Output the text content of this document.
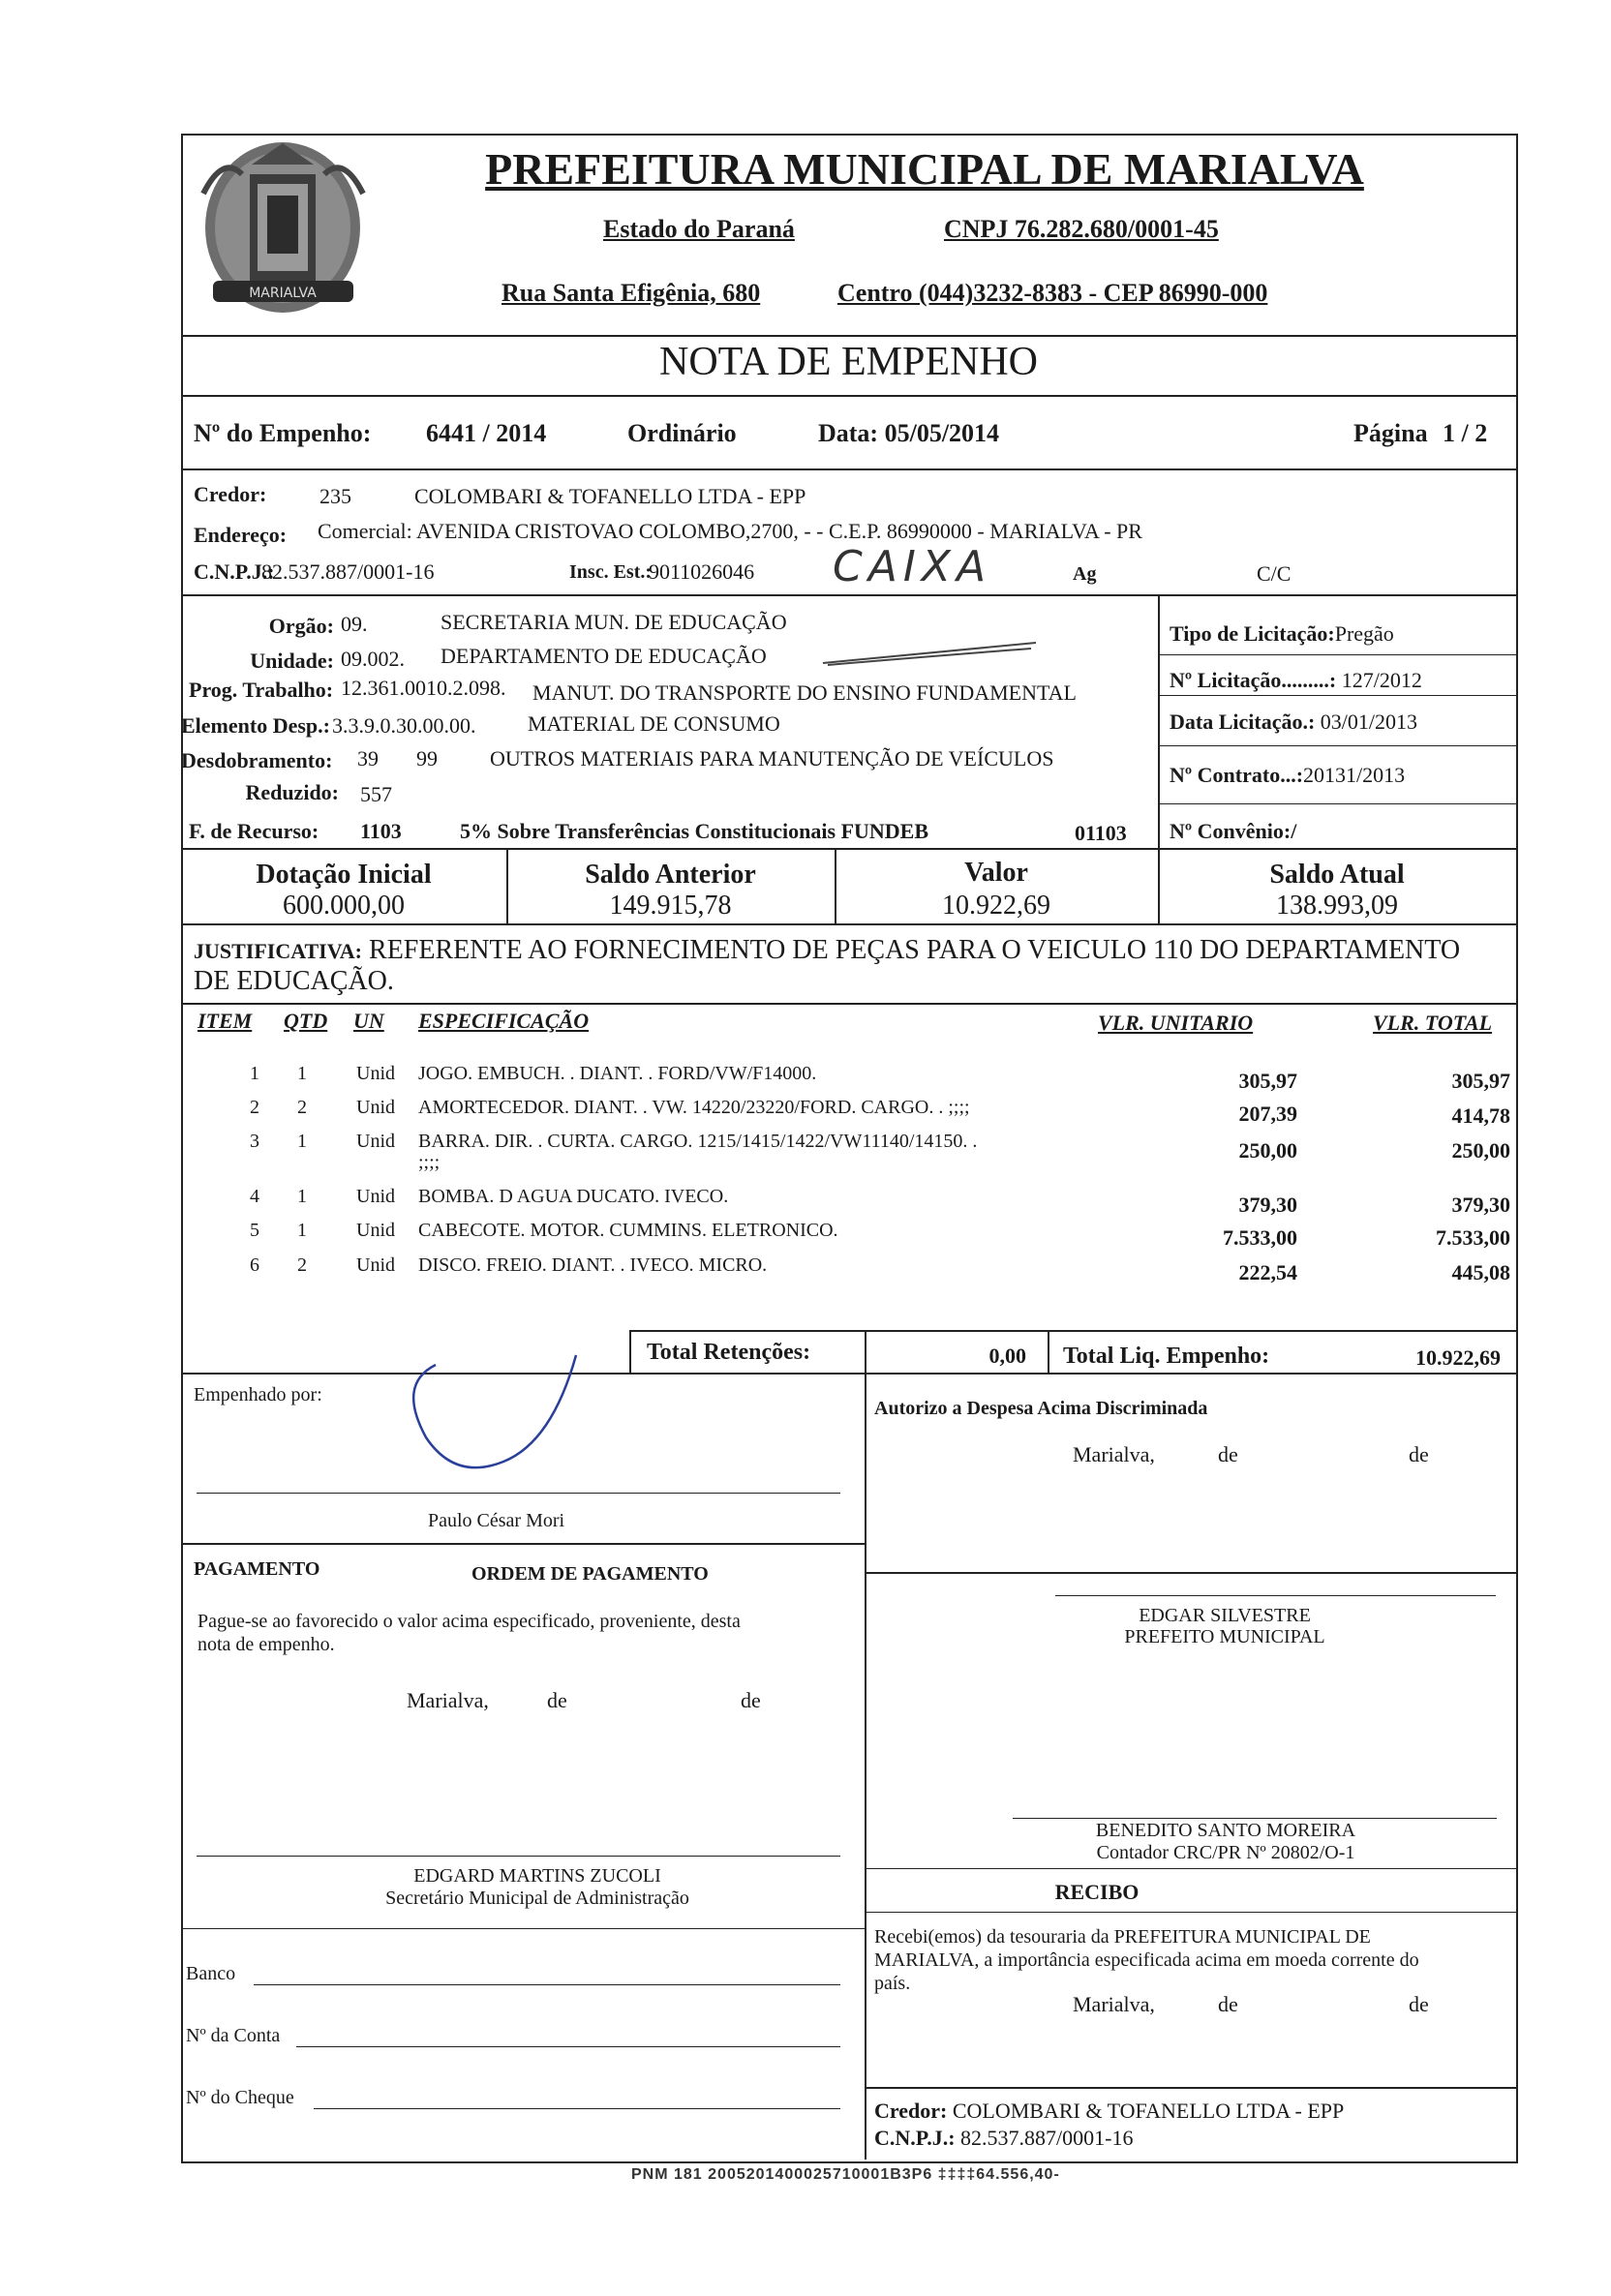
MARIALVA
PREFEITURA MUNICIPAL DE MARIALVA
Estado do Paraná	CNPJ 76.282.680/0001-45
Rua Santa Efigênia, 680	Centro (044)3232-8383 - CEP 86990-000
NOTA DE EMPENHO
Nº do Empenho: 6441 / 2014	Ordinário	Data: 05/05/2014	Página 1 / 2
Credor: 235	COLOMBARI & TOFANELLO LTDA - EPP
Endereço: Comercial: AVENIDA CRISTOVAO COLOMBO,2700, - - C.E.P. 86990000 - MARIALVA - PR
C.N.P.J.:
82.537.887/0001-16	Insc. Est.:
9011026046 CAIXA	Ag	C/C
Orgão: 09.	SECRETARIA MUN. DE EDUCAÇÃO
Unidade: 09.002. DEPARTAMENTO DE EDUCAÇÃO
Prog. Trabalho: 12.361.0010.2.098. MANUT. DO TRANSPORTE DO ENSINO FUNDAMENTAL
Elemento Desp.: 3.3.9.0.30.00.00. MATERIAL DE CONSUMO
Desdobramento: 39 99 OUTROS MATERIAIS PARA MANUTENÇÃO DE VEÍCULOS
Reduzido: 557
F. de Recurso: 1103	5% Sobre Transferências Constitucionais FUNDEB	01103
Tipo de Licitação:Pregão
Nº Licitação.........: 127/2012
Data Licitação.: 03/01/2013
Nº Contrato...:20131/2013
Nº Convênio:/
Dotação Inicial
600.000,00
Saldo Anterior
149.915,78
Valor
10.922,69
Saldo Atual
138.993,09
JUSTIFICATIVA: REFERENTE AO FORNECIMENTO DE PEÇAS PARA O VEICULO 110 DO DEPARTAMENTO
DE EDUCAÇÃO.
ITEM QTD UN ESPECIFICAÇÃO	VLR. UNITARIO	VLR. TOTAL
1 1	Unid JOGO. EMBUCH. . DIANT. . FORD/VW/F14000.	305,97	305,97
2 2	Unid AMORTECEDOR. DIANT. . VW. 14220/23220/FORD. CARGO. . ;;;;	207,39	414,78
3 1	Unid BARRA. DIR. . CURTA. CARGO. 1215/1415/1422/VW11140/14150. .
;;;;	250,00	250,00
4 1	Unid BOMBA. D AGUA DUCATO. IVECO.	379,30	379,30
5 1	Unid CABECOTE. MOTOR. CUMMINS. ELETRONICO.	7.533,00	7.533,00
6 2	Unid DISCO. FREIO. DIANT. . IVECO. MICRO.	222,54	445,08
Total Retenções:	0,00 Total Liq. Empenho:	10.922,69
Empenhado por:
Paulo César Mori
Autorizo a Despesa Acima Discriminada
Marialva,	de	de
PAGAMENTO	ORDEM DE PAGAMENTO
Pague-se ao favorecido o valor acima especificado, proveniente, desta
nota de empenho.
Marialva,	de	de
EDGAR SILVESTRE
PREFEITO MUNICIPAL
BENEDITO SANTO MOREIRA
Contador CRC/PR Nº 20802/O-1
EDGARD MARTINS ZUCOLI
Secretário Municipal de Administração	RECIBO
Recebi(emos) da tesouraria da PREFEITURA MUNICIPAL DE
MARIALVA, a importância especificada acima em moeda corrente do
país.
Marialva,	de	de
Banco
Nº da Conta
Nº do Cheque
Credor: COLOMBARI & TOFANELLO LTDA - EPP
C.N.P.J.: 82.537.887/0001-16
PNM 181 2005201400025710001B3P6 ‡‡‡‡64.556,40-
